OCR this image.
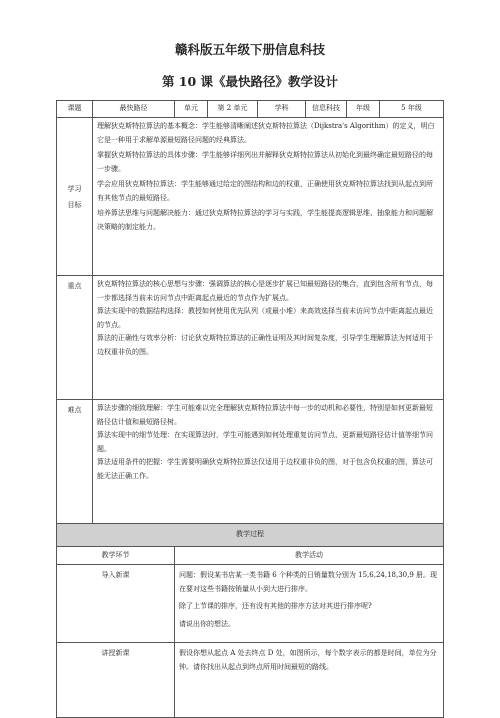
赣科版五年级下册信息科技
第 10 课《最快路径》教学设计
课题	最快路径	单元	第 2 单元	学科	信息科技	年级	5 年级
学习目标	理解狄克斯特拉算法的基本概念：学生能够清晰阐述狄克斯特拉算法（Dijkstra's Algorithm）的定义，明白它是一种用于求解单源最短路径问题的经典算法。

掌握狄克斯特拉算法的具体步骤：学生能够详细列出并解释狄克斯特拉算法从初始化到最终确定最短路径的每一步骤。

学会应用狄克斯特拉算法：学生能够通过给定的图结构和边的权重，正确使用狄克斯特拉算法找到从起点到所有其他节点的最短路径。

培养算法思维与问题解决能力：通过狄克斯特拉算法的学习与实践，学生能提高逻辑思维、抽象能力和问题解决策略的制定能力。						

重点	狄克斯特拉算法的核心思想与步骤：强调算法的核心是逐步扩展已知最短路径的集合，直到包含所有节点，每一步都选择当前未访问节点中距离起点最近的节点作为扩展点。

算法实现中的数据结构选择：教授如何使用优先队列（或最小堆）来高效选择当前未访问节点中距离起点最近的节点。

算法的正确性与效率分析：讨论狄克斯特拉算法的正确性证明及其时间复杂度，引导学生理解算法为何适用于边权重非负的图。						

难点	算法步骤的细致理解：学生可能难以完全理解狄克斯特拉算法中每一步的动机和必要性，特别是如何更新最短路径估计值和最短路径树。

算法实现中的细节处理：在实现算法时，学生可能遇到如何处理重复访问节点、更新最短路径估计值等细节问题。

算法适用条件的把握：学生需要明确狄克斯特拉算法仅适用于边权重非负的图，对于包含负权重的图，算法可能无法正确工作。						

教学过程							
教学环节		教学活动					
导入新课		问题：假设某书店某一类书籍 6 个种类的日销量数分别为 15,6,24,18,30,9 册。现在要对这些书籍按销量从小到大进行排序。

除了上节课的排序，还有没有其他的排序方法对其进行排序呢?

请说出你的想法。					

讲授新课		假设你想从起点 A 处去终点 D 处，如图所示，每个数字表示的都是时间，单位为分钟。请你找出从起点到终点所用时间最短的路线。					
